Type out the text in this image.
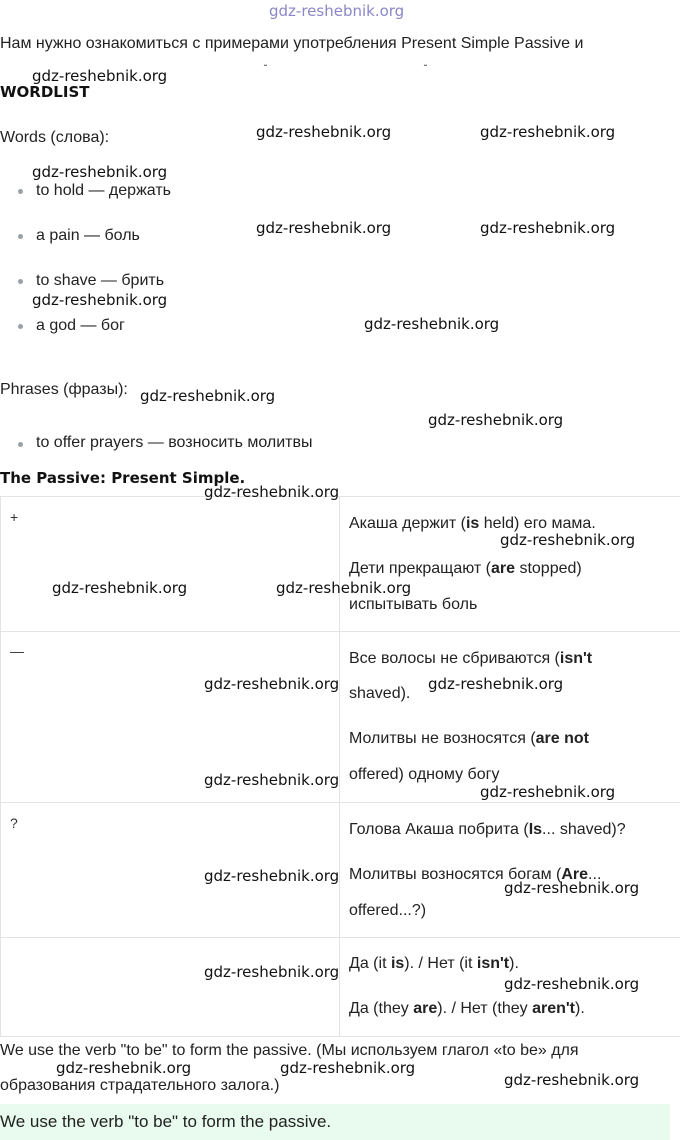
gdz-reshebnik.org
Нам нужно ознакомиться с примерами употребления Present Simple Passive и
˘	˘
WORDLIST
Words (слова):
to hold — держать
a pain — боль
to shave — брить
a god — бог
Phrases (фразы):
to offer prayers — возносить молитвы
The Passive: Present Simple.
+	Акаша держит (is held) его мама.
Дети прекращают (are stopped)
испытывать боль

—	Все волосы не сбриваются (isn't
shaved).
Молитвы не возносятся (are not
offered) одному богу

?	Голова Акаша побрита (Is... shaved)?
Молитвы возносятся богам (Are...
offered...?)

	Да (it is). / Нет (it isn't).
Да (they are). / Нет (they aren't).
We use the verb "to be" to form the passive. (Мы используем глагол «to be» для
образования страдательного залога.)
We use the verb "to be" to form the passive.
gdz-reshebnik.org
gdz-reshebnik.org	gdz-reshebnik.org
gdz-reshebnik.org
gdz-reshebnik.org	gdz-reshebnik.org
gdz-reshebnik.org
gdz-reshebnik.org
gdz-reshebnik.org
gdz-reshebnik.org
gdz-reshebnik.org
gdz-reshebnik.org
gdz-reshebnik.org	gdz-reshebnik.org
gdz-reshebnik.org	gdz-reshebnik.org
gdz-reshebnik.org
gdz-reshebnik.org
gdz-reshebnik.org
gdz-reshebnik.org
gdz-reshebnik.org
gdz-reshebnik.org
gdz-reshebnik.org	gdz-reshebnik.org
gdz-reshebnik.org
